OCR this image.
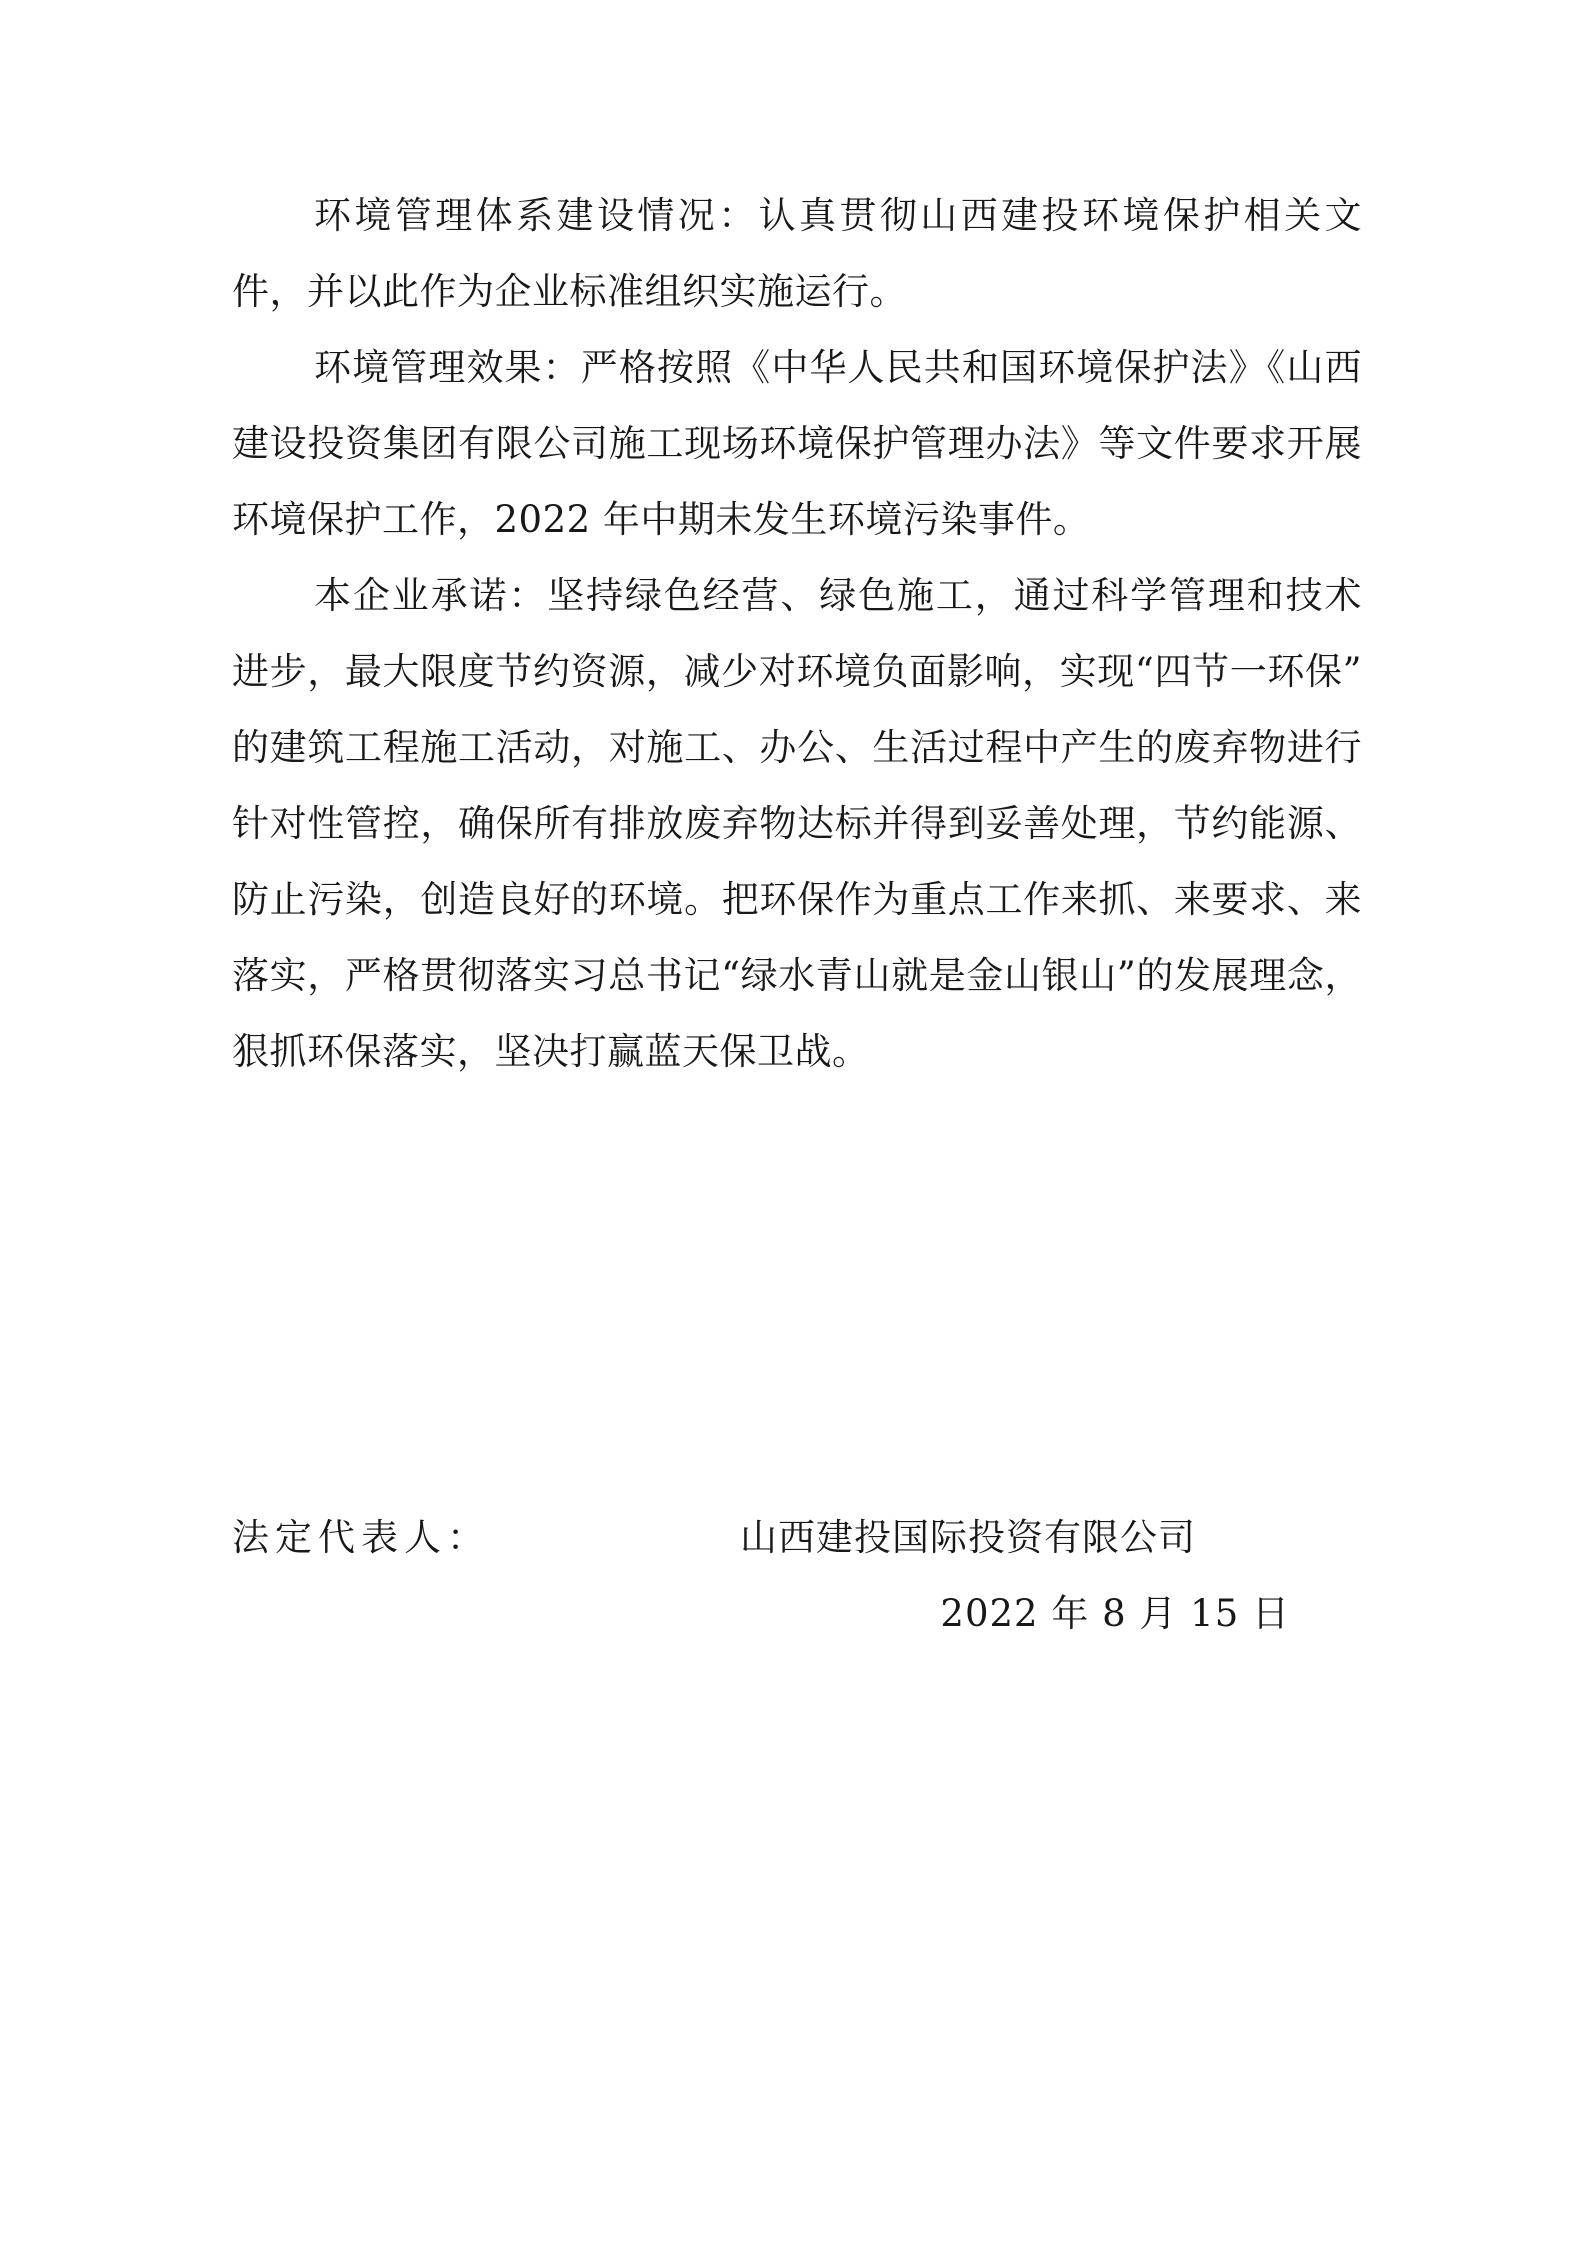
环境管理体系建设情况：认真贯彻山西建投环境保护相关文件，并以此作为企业标准组织实施运行。

环境管理效果：严格按照《中华人民共和国环境保护法》《山西建设投资集团有限公司施工现场环境保护管理办法》等文件要求开展环境保护工作，2022 年中期未发生环境污染事件。

本企业承诺：坚持绿色经营、绿色施工，通过科学管理和技术进步，最大限度节约资源，减少对环境负面影响，实现“四节一环保”的建筑工程施工活动，对施工、办公、生活过程中产生的废弃物进行针对性管控，确保所有排放废弃物达标并得到妥善处理，节约能源、防止污染，创造良好的环境。把环保作为重点工作来抓、来要求、来落实，严格贯彻落实习总书记“绿水青山就是金山银山”的发展理念，狠抓环保落实，坚决打赢蓝天保卫战。

法定代表人：	山西建投国际投资有限公司
2022 年 8 月 15 日
